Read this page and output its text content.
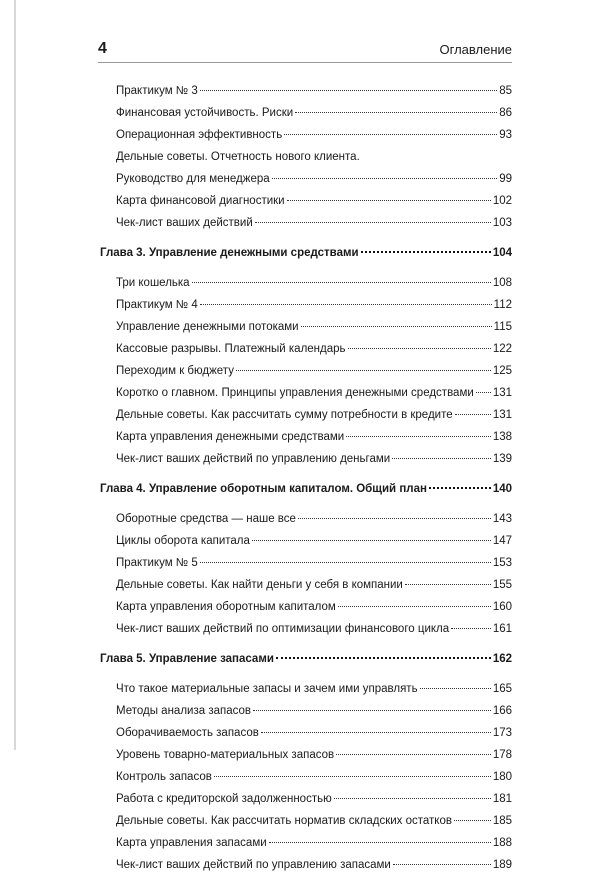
4	Оглавление
Практикум № 3	85
Финансовая устойчивость. Риски	86
Операционная эффективность	93
Дельные советы. Отчетность нового клиента.
Руководство для менеджера	99
Карта финансовой диагностики	102
Чек-лист ваших действий	103
Глава 3. Управление денежными средствами	104
Три кошелька	108
Практикум № 4	112
Управление денежными потоками	115
Кассовые разрывы. Платежный календарь	122
Переходим к бюджету	125
Коротко о главном. Принципы управления денежными средствами 131
Дельные советы. Как рассчитать сумму потребности в кредите	131
Карта управления денежными средствами	138
Чек-лист ваших действий по управлению деньгами	139
Глава 4. Управление оборотным капиталом. Общий план	140
Оборотные средства — наше все	143
Циклы оборота капитала	147
Практикум № 5	153
Дельные советы. Как найти деньги у себя в компании	155
Карта управления оборотным капиталом	160
Чек-лист ваших действий по оптимизации финансового цикла	161
Глава 5. Управление запасами	162
Что такое материальные запасы и зачем ими управлять	165
Методы анализа запасов	166
Оборачиваемость запасов	173
Уровень товарно-материальных запасов	178
Контроль запасов	180
Работа с кредиторской задолженностью	181
Дельные советы. Как рассчитать норматив складских остатков	185
Карта управления запасами	188
Чек-лист ваших действий по управлению запасами	189
